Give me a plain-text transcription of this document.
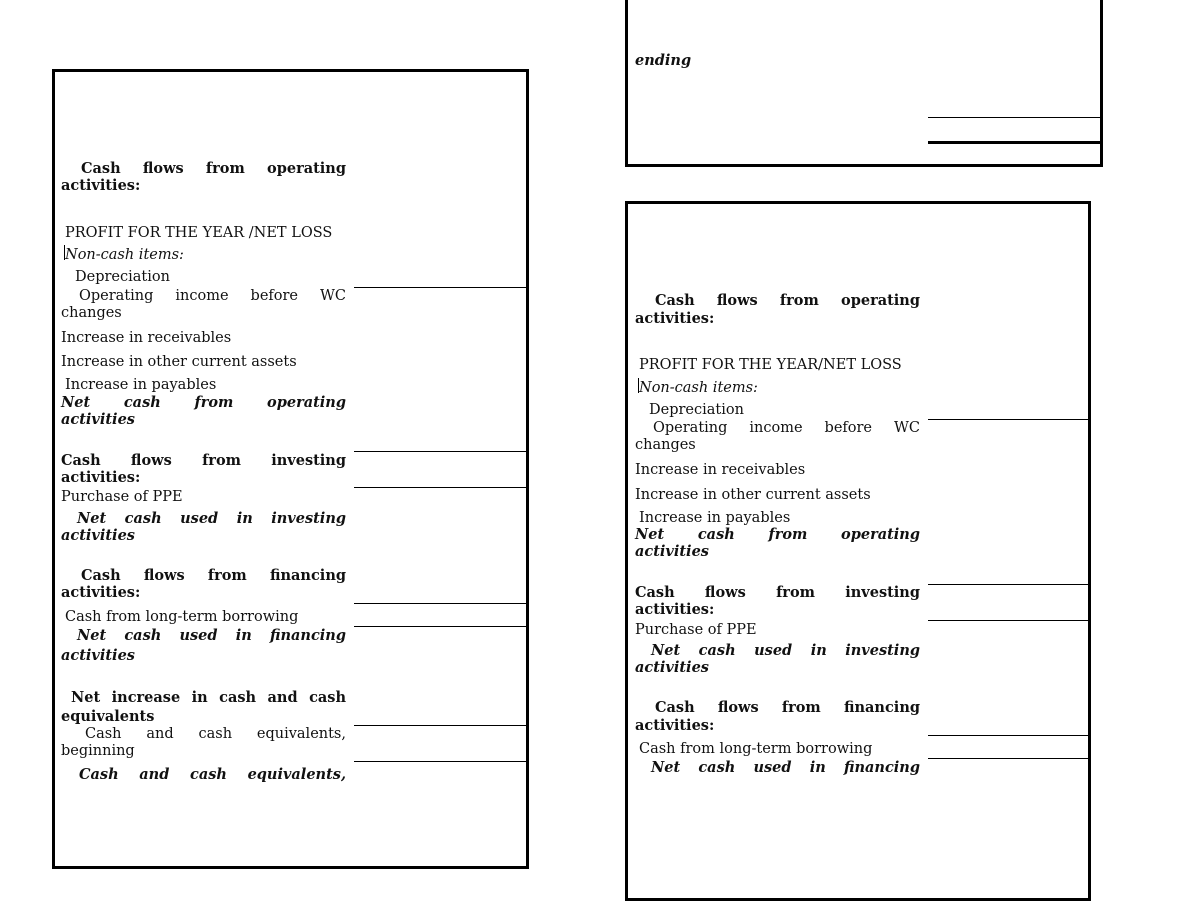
Cash flows from operating
activities:
PROFIT FOR THE YEAR /NET LOSS
Non-cash items:
Depreciation
Operating income before WC
changes
Increase in receivables
Increase in other current assets
Increase in payables
Net cash from operating
activities
Cash flows from investing
activities:
Purchase of PPE
Net cash used in investing
activities
Cash flows from financing
activities:
Cash from long-term borrowing
Net cash used in financing
activities
Net increase in cash and cash
equivalents
Cash and cash equivalents,
beginning
Cash and cash equivalents,
ending
Cash flows from operating
activities:
PROFIT FOR THE YEAR/NET LOSS
Non-cash items:
Depreciation
Operating income before WC
changes
Increase in receivables
Increase in other current assets
Increase in payables
Net cash from operating
activities
Cash flows from investing
activities:
Purchase of PPE
Net cash used in investing
activities
Cash flows from financing
activities:
Cash from long-term borrowing
Net cash used in financing
